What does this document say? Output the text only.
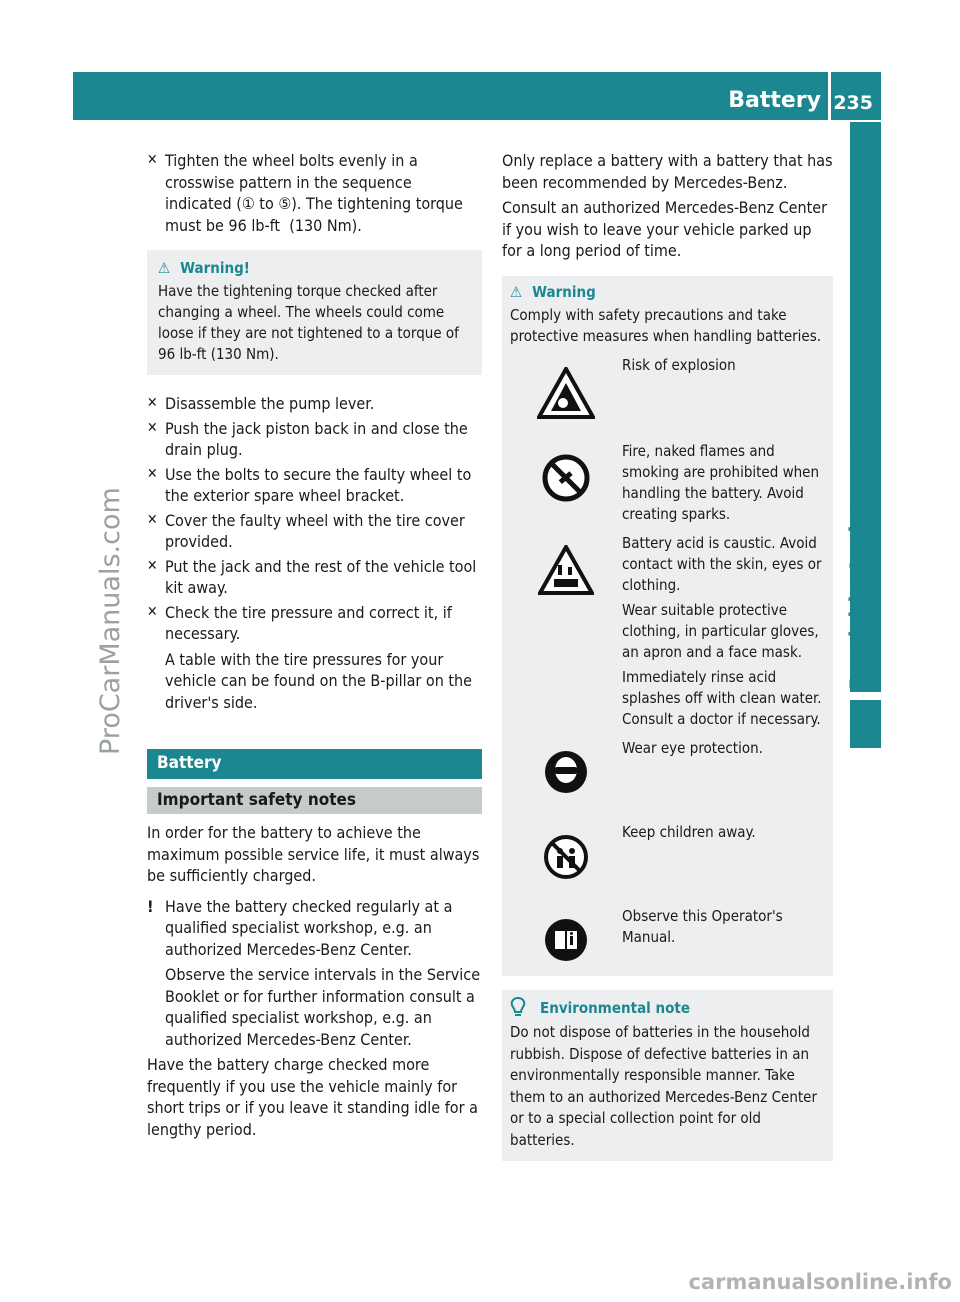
Battery 235
Roadside Assistance
ProCarManuals.com
✕ Tighten the wheel bolts evenly in a crosswise pattern in the sequence indicated (① to ⑤). The tightening torque must be 96 lb-ft  (130 Nm).
⚠ Warning!
Have the tightening torque checked after changing a wheel. The wheels could come loose if they are not tightened to a torque of 96 lb-ft (130 Nm).
✕ Disassemble the pump lever.
✕ Push the jack piston back in and close the drain plug.
✕ Use the bolts to secure the faulty wheel to the exterior spare wheel bracket.
✕ Cover the faulty wheel with the tire cover provided.
✕ Put the jack and the rest of the vehicle tool kit away.
✕ Check the tire pressure and correct it, if necessary.
A table with the tire pressures for your vehicle can be found on the B-pillar on the driver's side.
Battery
Important safety notes
In order for the battery to achieve the maximum possible service life, it must always be sufficiently charged.
! Have the battery checked regularly at a qualified specialist workshop, e.g. an authorized Mercedes-Benz Center.
Observe the service intervals in the Service Booklet or for further information consult a qualified specialist workshop, e.g. an authorized Mercedes-Benz Center.
Have the battery charge checked more frequently if you use the vehicle mainly for short trips or if you leave it standing idle for a lengthy period.
Only replace a battery with a battery that has been recommended by Mercedes-Benz.
Consult an authorized Mercedes-Benz Center if you wish to leave your vehicle parked up for a long period of time.
⚠ Warning
Comply with safety precautions and take protective measures when handling batteries.
Risk of explosion
Fire, naked flames and smoking are prohibited when handling the battery. Avoid creating sparks.
Battery acid is caustic. Avoid contact with the skin, eyes or clothing.
Wear suitable protective clothing, in particular gloves, an apron and a face mask.
Immediately rinse acid splashes off with clean water. Consult a doctor if necessary.
Wear eye protection.
Keep children away.
Observe this Operator's Manual.
Environmental note
Do not dispose of batteries in the household rubbish. Dispose of defective batteries in an environmentally responsible manner. Take them to an authorized Mercedes-Benz Center or to a special collection point for old batteries.
carmanualsonline.info
